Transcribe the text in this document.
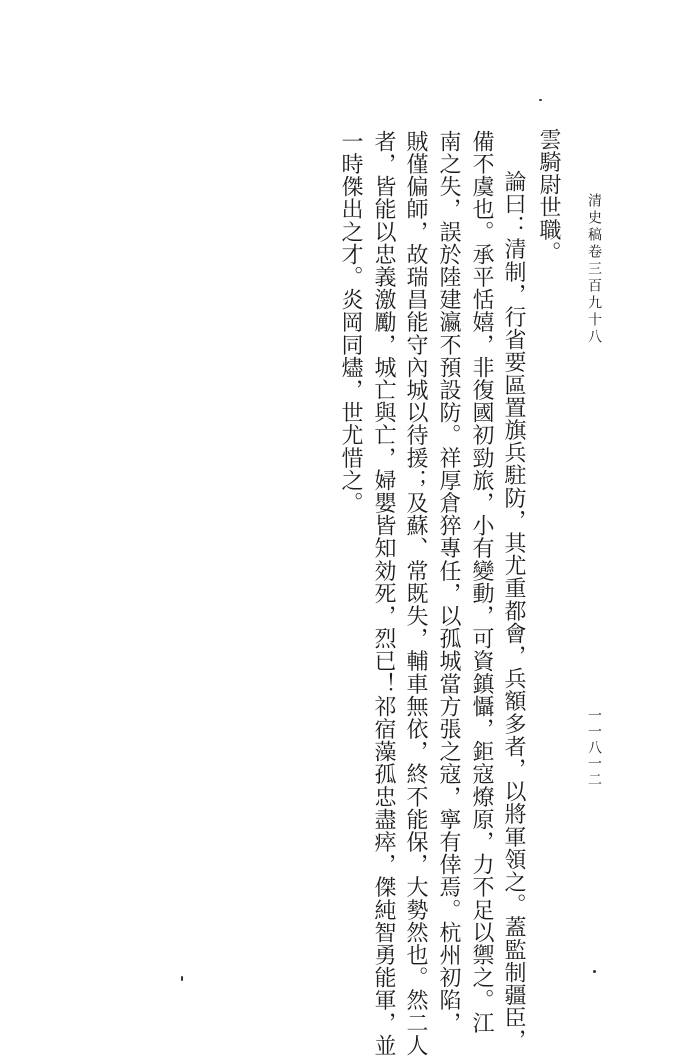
清史稿卷三百九十八
一一八一二
雲騎尉世職。
論曰：清制，行省要區置旗兵駐防，其尤重都會，兵額多者，以將軍領之。蓋監制疆臣，
備不虞也。承平恬嬉，非復國初勁旅，小有變動，可資鎮懾，鉅寇燎原，力不足以禦之。江
南之失，誤於陸建瀛不預設防。祥厚倉猝專任，以孤城當方張之寇，寧有倖焉。杭州初陷，
賊僅偏師，故瑞昌能守內城以待援；及蘇、常既失，輔車無依，終不能保，大勢然也。然二人
者，皆能以忠義激勵，城亡與亡，婦嬰皆知効死，烈已！祁宿藻孤忠盡瘁，傑純智勇能軍，並
一時傑出之才。炎岡同燼，世尤惜之。
